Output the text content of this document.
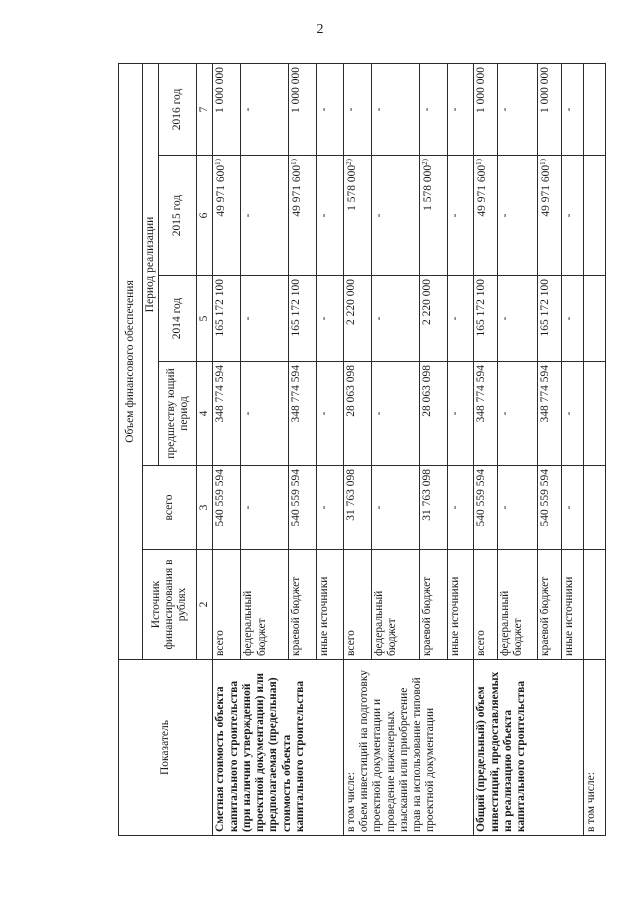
2
Показатель	Объем финансового обеспечения					
	Источник финансирования в рублях	всего	Период реализации			
			предшеству ющий период	2014 год	2015 год	2016 год
	2	3	4	5	6	7

Сметная стоимость объекта капитального строительства (при наличии утвержденной проектной документации) или предполагаемая (предельная) стоимость объекта капитального строительства	всего	540 559 594	348 774 594	165 172 100	49 971 600$^{1)}$	1 000 000
	федеральный бюджет	-	-	-	-	-
	краевой бюджет	540 559 594	348 774 594	165 172 100	49 971 600$^{1)}$	1 000 000
	иные источники	-	-	-	-	-

в том числе: объем инвестиций на подготовку проектной документации и проведение инженерных изысканий или приобретение прав на использование типовой проектной документации	всего	31 763 098	28 063 098	2 220 000	1 578 000$^{2)}$	-
	федеральный бюджет	-	-	-	-	-
	краевой бюджет	31 763 098	28 063 098	2 220 000	1 578 000$^{2)}$	-
	иные источники	-	-	-	-	-

Общий (предельный) объем инвестиций, предоставляемых на реализацию объекта капитального строительства	всего	540 559 594	348 774 594	165 172 100	49 971 600$^{1)}$	1 000 000
	федеральный бюджет	-	-	-	-	-
	краевой бюджет	540 559 594	348 774 594	165 172 100	49 971 600$^{1)}$	1 000 000
	иные источники	-	-	-	-	-
в том числе:						
